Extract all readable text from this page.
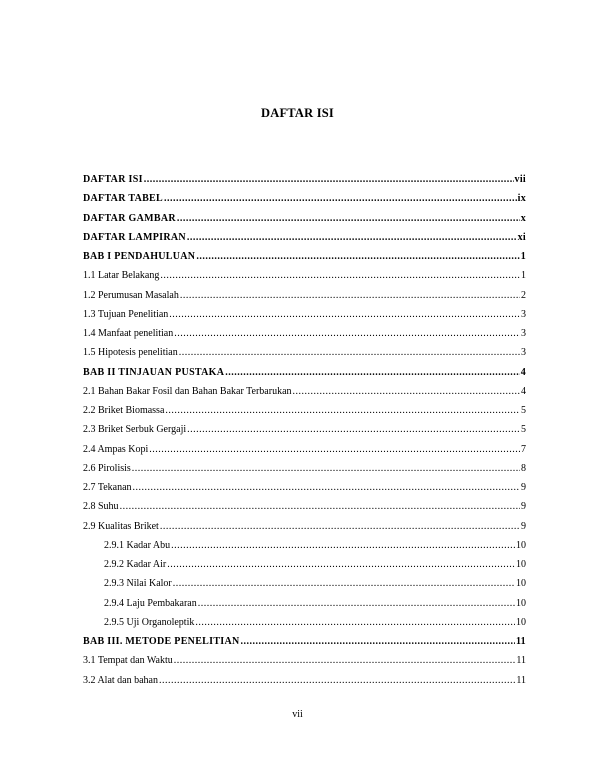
DAFTAR ISI
DAFTAR ISI .....	vii
DAFTAR TABEL .....	ix
DAFTAR GAMBAR .....	x
DAFTAR LAMPIRAN .....	xi
BAB I PENDAHULUAN .....	1
1.1 Latar Belakang .....	1
1.2 Perumusan Masalah .....	2
1.3 Tujuan Penelitian .....	3
1.4 Manfaat penelitian .....	3
1.5 Hipotesis penelitian .....	3
BAB II TINJAUAN PUSTAKA .....	4
2.1 Bahan Bakar Fosil dan Bahan Bakar Terbarukan .....	4
2.2 Briket Biomassa .....	5
2.3 Briket Serbuk Gergaji .....	5
2.4 Ampas Kopi .....	7
2.6 Pirolisis .....	8
2.7 Tekanan .....	9
2.8 Suhu .....	9
2.9 Kualitas Briket .....	9
2.9.1 Kadar Abu .....	10
2.9.2 Kadar Air .....	10
2.9.3 Nilai Kalor .....	10
2.9.4 Laju Pembakaran .....	10
2.9.5 Uji Organoleptik .....	10
BAB III. METODE PENELITIAN .....	11
3.1 Tempat dan Waktu .....	11
3.2 Alat dan bahan .....	11
vii
